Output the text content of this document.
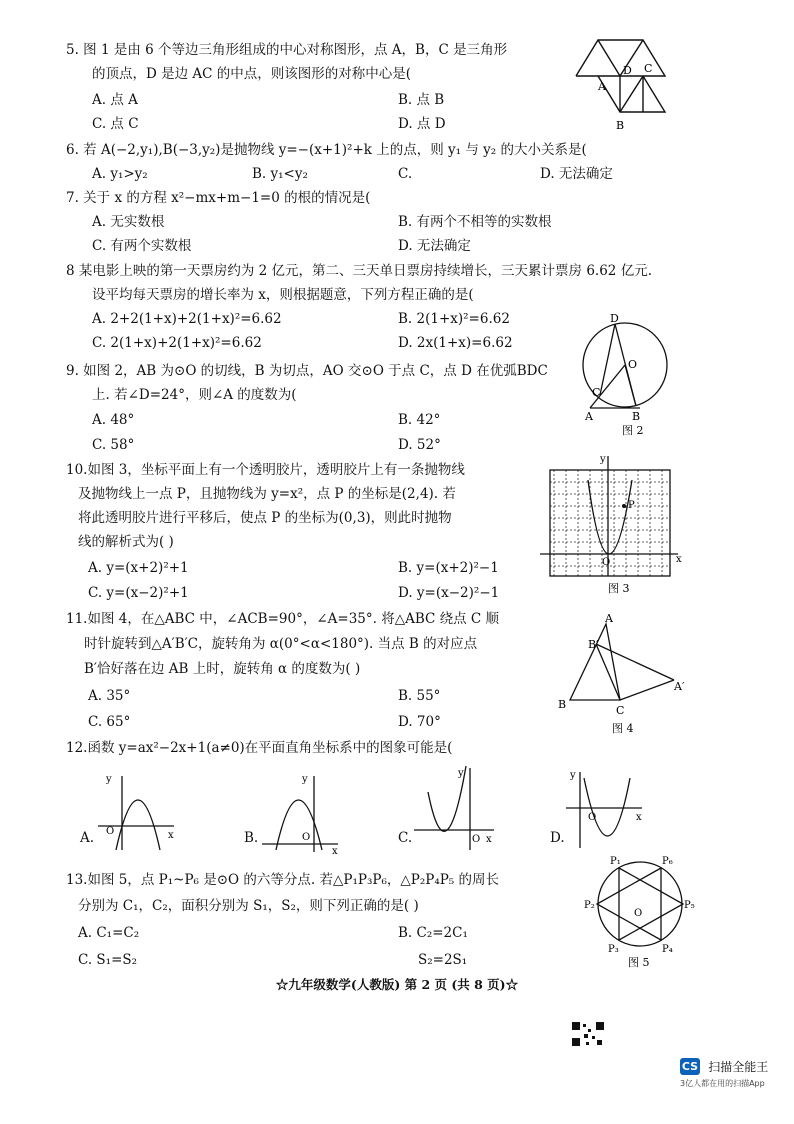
5. 图 1 是由 6 个等边三角形组成的中心对称图形，点 A，B，C 是三角形
的顶点，D 是边 AC 的中点，则该图形的对称中心是(
A. 点 A	B. 点 B
C. 点 C	D. 点 D
D C
A
B
6. 若 A(−2,y₁),B(−3,y₂)是抛物线 y=−(x+1)²+k 上的点，则 y₁ 与 y₂ 的大小关系是(
A. y₁>y₂	B. y₁<y₂	C.	D. 无法确定
7. 关于 x 的方程 x²−mx+m−1=0 的根的情况是(
A. 无实数根	B. 有两个不相等的实数根
C. 有两个实数根	D. 无法确定
8 某电影上映的第一天票房约为 2 亿元，第二、三天单日票房持续增长，三天累计票房 6.62 亿元.
设平均每天票房的增长率为 x，则根据题意，下列方程正确的是(
A. 2+2(1+x)+2(1+x)²=6.62	B. 2(1+x)²=6.62
C. 2(1+x)+2(1+x)²=6.62	D. 2x(1+x)=6.62
9. 如图 2，AB 为⊙O 的切线，B 为切点，AO 交⊙O 于点 C，点 D 在优弧BDC
上. 若∠D=24°，则∠A 的度数为(
A. 48°	B. 42°
C. 58°	D. 52°
D
O
C
A	B
图 2
10.如图 3，坐标平面上有一个透明胶片，透明胶片上有一条抛物线
及抛物线上一点 P，且抛物线为 y=x²，点 P 的坐标是(2,4). 若
将此透明胶片进行平移后，使点 P 的坐标为(0,3)，则此时抛物
线的解析式为( )
A. y=(x+2)²+1	B. y=(x+2)²−1
C. y=(x−2)²+1	D. y=(x−2)²−1
y
P
O	x
图 3
11.如图 4，在△ABC 中，∠ACB=90°，∠A=35°. 将△ABC 绕点 C 顺
时针旋转到△A′B′C，旋转角为 α(0°<α<180°). 当点 B 的对应点
B′恰好落在边 AB 上时，旋转角 α 的度数为( )
A. 35°	B. 55°
C. 65°	D. 70°
A
B′
A′
B	C
图 4
12.函数 y=ax²−2x+1(a≠0)在平面直角坐标系中的图象可能是(
A.
y
O	x	B.
y
O
x
C.
y
O x	D.
y
O	x
13.如图 5，点 P₁~P₆ 是⊙O 的六等分点. 若△P₁P₃P₆，△P₂P₄P₅ 的周长
分别为 C₁，C₂，面积分别为 S₁，S₂，则下列正确的是( )
A. C₁=C₂	B. C₂=2C₁
C. S₁=S₂	S₂=2S₁
P₁	P₆
P₂	P₅
O
P₃	P₄
图 5
☆九年级数学(人教版) 第 2 页 (共 8 页)☆
CS 扫描全能王
3亿人都在用的扫描App
